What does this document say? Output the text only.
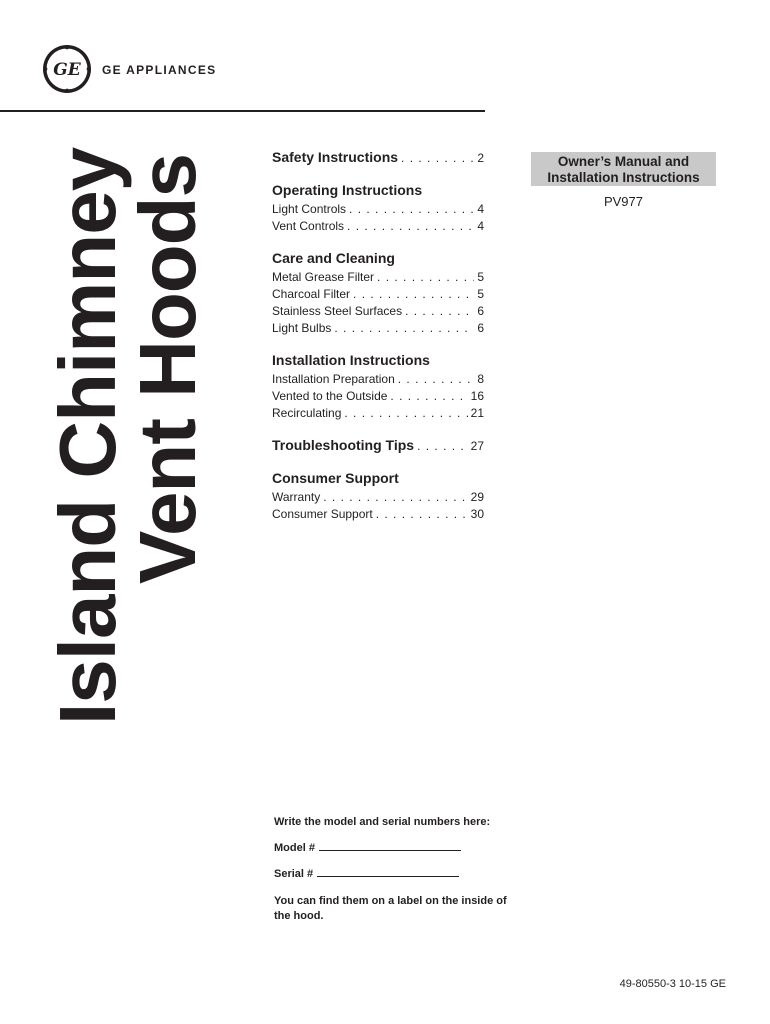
GE GE APPLIANCES
Island Chimney
Vent Hoods	Safety Instructions . . .	2
Operating Instructions
Light Controls . . .	4
Vent Controls . . .	4
Care and Cleaning
Metal Grease Filter . . .	5
Charcoal Filter . . .	5
Stainless Steel Surfaces . . .	6
Light Bulbs . . .	6
Installation Instructions
Installation Preparation . . .	8
Vented to the Outside . . .	16
Recirculating . . .	21
Troubleshooting Tips . . .	27
Consumer Support
Warranty . . .	29
Consumer Support . . .	30
Owner’s Manual and Installation Instructions
PV977

Write the model and serial numbers here:

Model #

Serial #

You can find them on a label on the inside of the hood.

49-80550-3 10-15 GE
